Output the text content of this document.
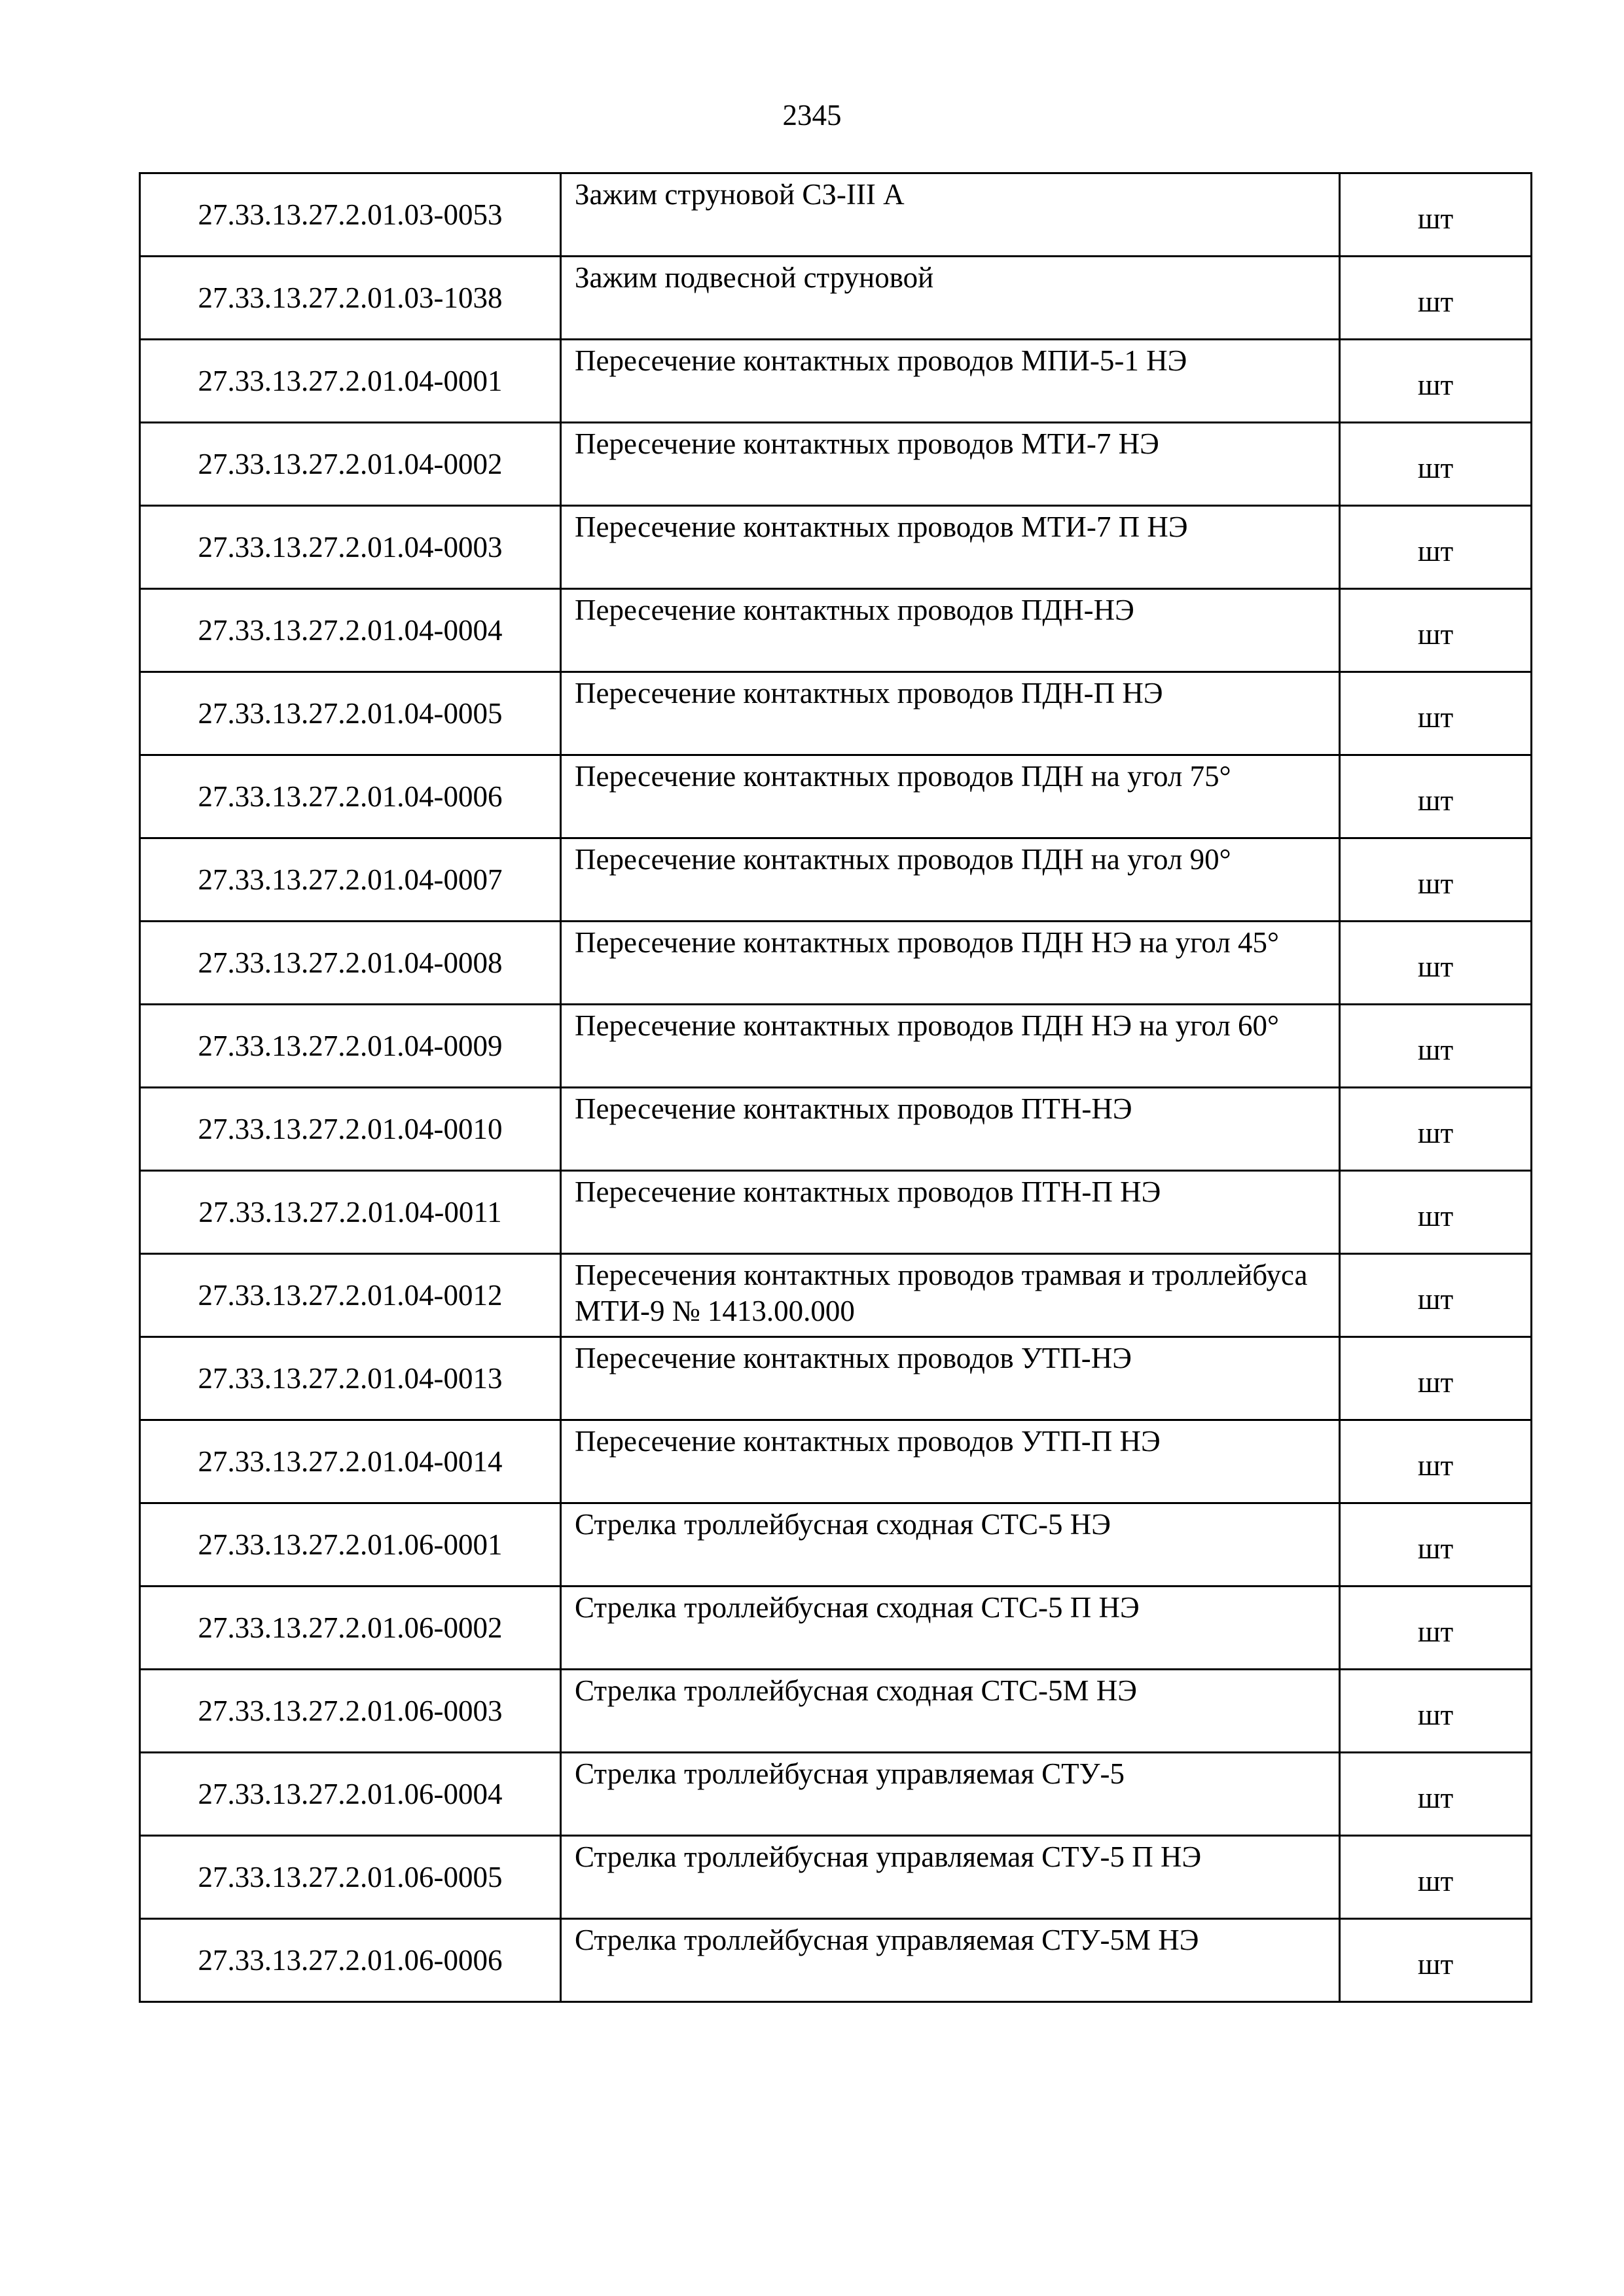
2345
27.33.13.27.2.01.03-0053	Зажим струновой СЗ-III А	шт
27.33.13.27.2.01.03-1038	Зажим подвесной струновой	шт
27.33.13.27.2.01.04-0001	Пересечение контактных проводов МПИ-5-1 НЭ	шт
27.33.13.27.2.01.04-0002	Пересечение контактных проводов МТИ-7 НЭ	шт
27.33.13.27.2.01.04-0003	Пересечение контактных проводов МТИ-7 П НЭ	шт
27.33.13.27.2.01.04-0004	Пересечение контактных проводов ПДН-НЭ	шт
27.33.13.27.2.01.04-0005	Пересечение контактных проводов ПДН-П НЭ	шт
27.33.13.27.2.01.04-0006	Пересечение контактных проводов ПДН на угол 75°	шт
27.33.13.27.2.01.04-0007	Пересечение контактных проводов ПДН на угол 90°	шт
27.33.13.27.2.01.04-0008	Пересечение контактных проводов ПДН НЭ на угол 45°	шт
27.33.13.27.2.01.04-0009	Пересечение контактных проводов ПДН НЭ на угол 60°	шт
27.33.13.27.2.01.04-0010	Пересечение контактных проводов ПТН-НЭ	шт
27.33.13.27.2.01.04-0011	Пересечение контактных проводов ПТН-П НЭ	шт
27.33.13.27.2.01.04-0012	Пересечения контактных проводов трамвая и троллейбуса МТИ-9 № 1413.00.000	шт
27.33.13.27.2.01.04-0013	Пересечение контактных проводов УТП-НЭ	шт
27.33.13.27.2.01.04-0014	Пересечение контактных проводов УТП-П НЭ	шт
27.33.13.27.2.01.06-0001	Стрелка троллейбусная сходная СТС-5 НЭ	шт
27.33.13.27.2.01.06-0002	Стрелка троллейбусная сходная СТС-5 П НЭ	шт
27.33.13.27.2.01.06-0003	Стрелка троллейбусная сходная СТС-5М НЭ	шт
27.33.13.27.2.01.06-0004	Стрелка троллейбусная управляемая СТУ-5	шт
27.33.13.27.2.01.06-0005	Стрелка троллейбусная управляемая СТУ-5 П НЭ	шт
27.33.13.27.2.01.06-0006	Стрелка троллейбусная управляемая СТУ-5М НЭ	шт
